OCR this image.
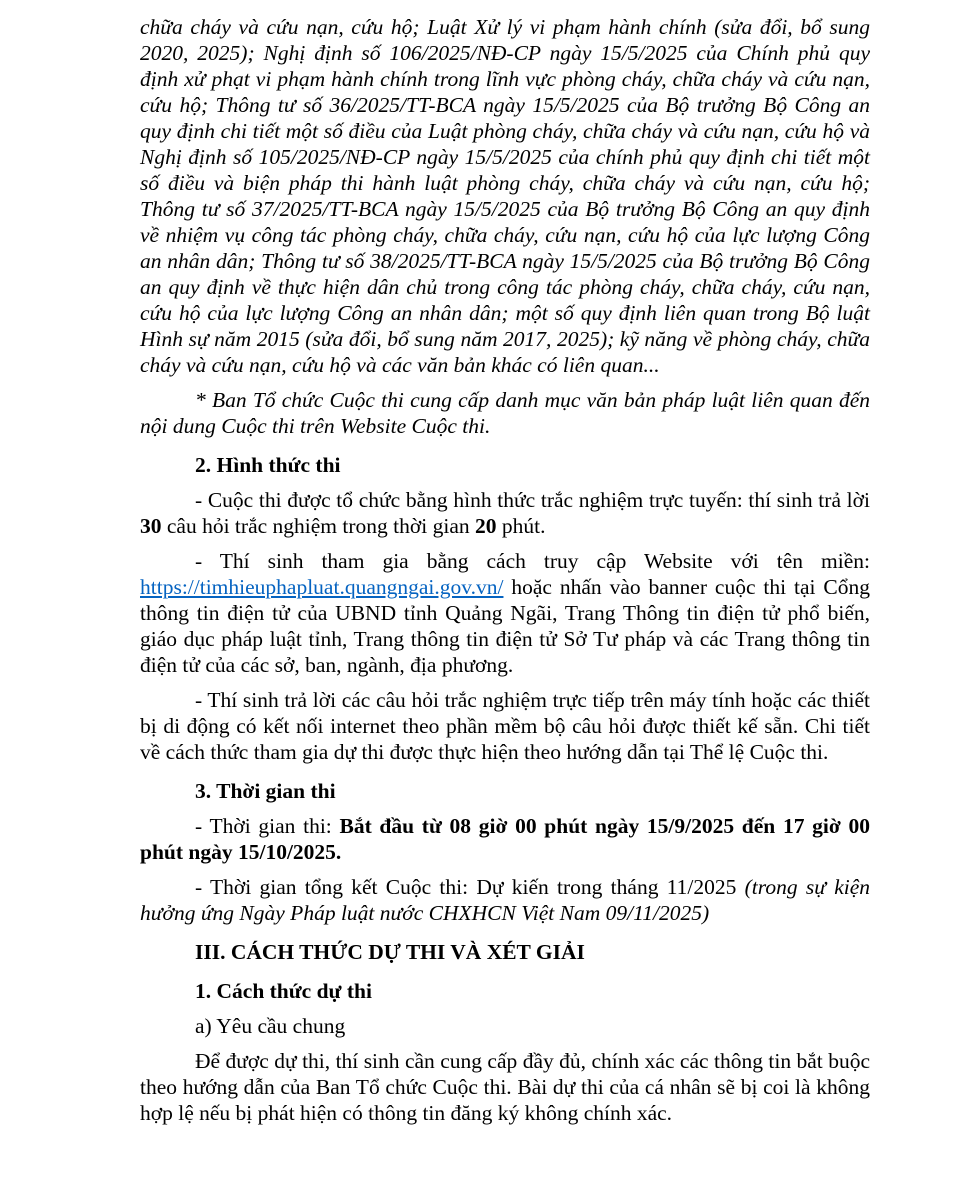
chữa cháy và cứu nạn, cứu hộ; Luật Xử lý vi phạm hành chính (sửa đổi, bổ sung 2020, 2025); Nghị định số 106/2025/NĐ-CP ngày 15/5/2025 của Chính phủ quy định xử phạt vi phạm hành chính trong lĩnh vực phòng cháy, chữa cháy và cứu nạn, cứu hộ; Thông tư số 36/2025/TT-BCA ngày 15/5/2025 của Bộ trưởng Bộ Công an quy định chi tiết một số điều của Luật phòng cháy, chữa cháy và cứu nạn, cứu hộ và Nghị định số 105/2025/NĐ-CP ngày 15/5/2025 của chính phủ quy định chi tiết một số điều và biện pháp thi hành luật phòng cháy, chữa cháy và cứu nạn, cứu hộ; Thông tư số 37/2025/TT-BCA ngày 15/5/2025 của Bộ trưởng Bộ Công an quy định về nhiệm vụ công tác phòng cháy, chữa cháy, cứu nạn, cứu hộ của lực lượng Công an nhân dân; Thông tư số 38/2025/TT-BCA ngày 15/5/2025 của Bộ trưởng Bộ Công an quy định về thực hiện dân chủ trong công tác phòng cháy, chữa cháy, cứu nạn, cứu hộ của lực lượng Công an nhân dân; một số quy định liên quan trong Bộ luật Hình sự năm 2015 (sửa đổi, bổ sung năm 2017, 2025); kỹ năng về phòng cháy, chữa cháy và cứu nạn, cứu hộ và các văn bản khác có liên quan...

* Ban Tổ chức Cuộc thi cung cấp danh mục văn bản pháp luật liên quan đến nội dung Cuộc thi trên Website Cuộc thi.

2. Hình thức thi

- Cuộc thi được tổ chức bằng hình thức trắc nghiệm trực tuyến: thí sinh trả lời 30 câu hỏi trắc nghiệm trong thời gian 20 phút.

- Thí sinh tham gia bằng cách truy cập Website với tên miền: https://timhieuphapluat.quangngai.gov.vn/ hoặc nhấn vào banner cuộc thi tại Cổng thông tin điện tử của UBND tỉnh Quảng Ngãi, Trang Thông tin điện tử phổ biến, giáo dục pháp luật tỉnh, Trang thông tin điện tử Sở Tư pháp và các Trang thông tin điện tử của các sở, ban, ngành, địa phương.

- Thí sinh trả lời các câu hỏi trắc nghiệm trực tiếp trên máy tính hoặc các thiết bị di động có kết nối internet theo phần mềm bộ câu hỏi được thiết kế sẵn. Chi tiết về cách thức tham gia dự thi được thực hiện theo hướng dẫn tại Thể lệ Cuộc thi.

3. Thời gian thi

- Thời gian thi: Bắt đầu từ 08 giờ 00 phút ngày 15/9/2025 đến 17 giờ 00 phút ngày 15/10/2025.

- Thời gian tổng kết Cuộc thi: Dự kiến trong tháng 11/2025 (trong sự kiện hưởng ứng Ngày Pháp luật nước CHXHCN Việt Nam 09/11/2025)

III. CÁCH THỨC DỰ THI VÀ XÉT GIẢI

1. Cách thức dự thi

a) Yêu cầu chung

Để được dự thi, thí sinh cần cung cấp đầy đủ, chính xác các thông tin bắt buộc theo hướng dẫn của Ban Tổ chức Cuộc thi. Bài dự thi của cá nhân sẽ bị coi là không hợp lệ nếu bị phát hiện có thông tin đăng ký không chính xác.
